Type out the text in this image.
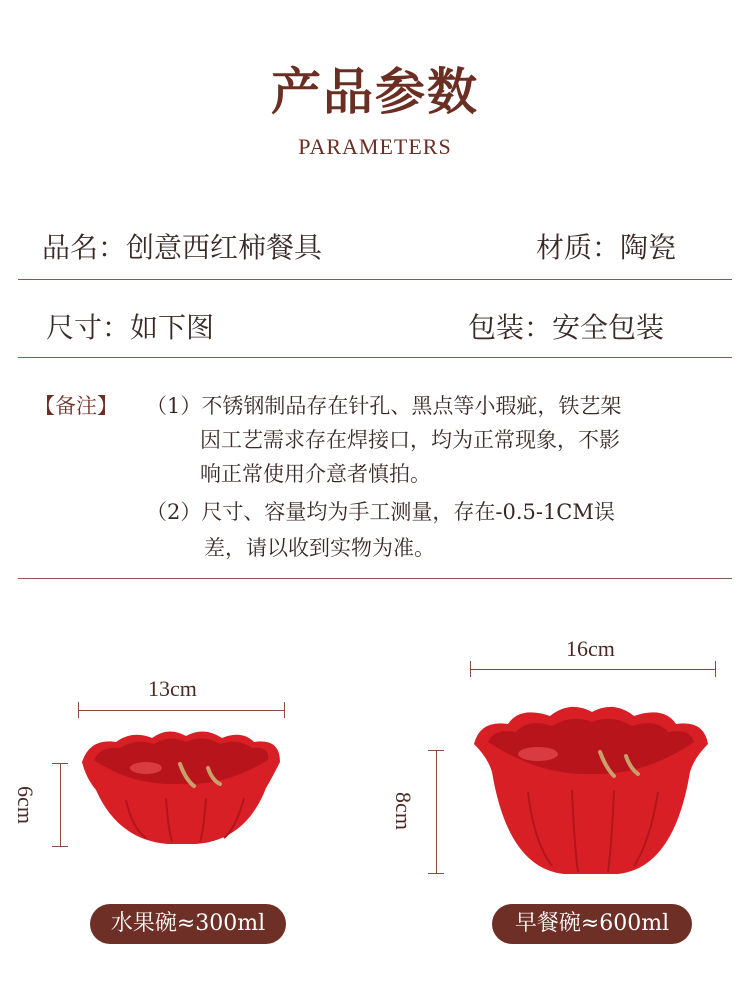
产品参数
PARAMETERS
品名：创意西红柿餐具	材质：陶瓷
尺寸：如下图	包装：安全包装
【备注】 （1）不锈钢制品存在针孔、黑点等小瑕疵，铁艺架
因工艺需求存在焊接口，均为正常现象，不影
响正常使用介意者慎拍。
（2）尺寸、容量均为手工测量，存在-0.5-1CM误
差，请以收到实物为准。
13cm
6cm
水果碗≈300ml
16cm
8cm
早餐碗≈600ml
